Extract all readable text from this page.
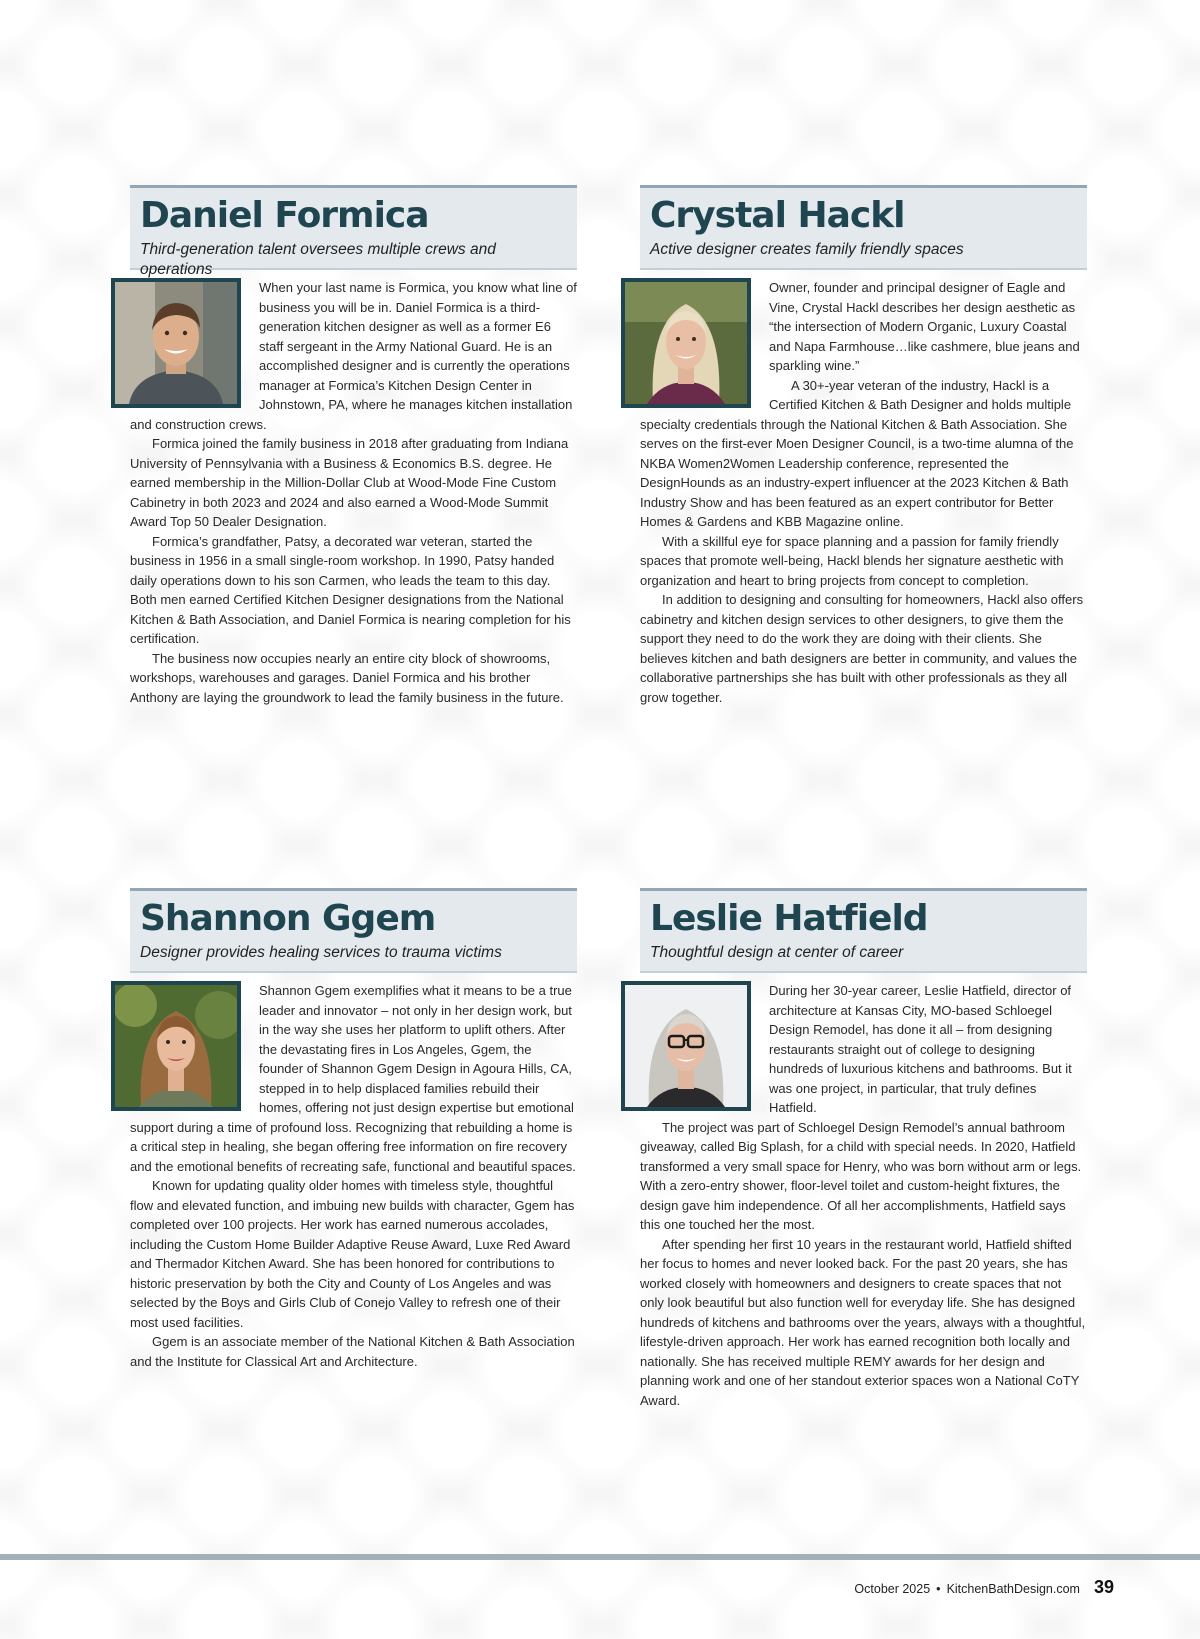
Daniel Formica
Third-generation talent oversees multiple crews and operations

When your last name is Formica, you know what line of business you will be in. Daniel Formica is a third-generation kitchen designer as well as a former E6 staff sergeant in the Army National Guard. He is an accomplished designer and is currently the operations manager at Formica’s Kitchen Design Center in Johnstown, PA, where he manages kitchen installation and construction crews.

Formica joined the family business in 2018 after graduating from Indiana University of Pennsylvania with a Business & Economics B.S. degree. He earned membership in the Million-Dollar Club at Wood-Mode Fine Custom Cabinetry in both 2023 and 2024 and also earned a Wood-Mode Summit Award Top 50 Dealer Designation.

Formica’s grandfather, Patsy, a decorated war veteran, started the business in 1956 in a small single-room workshop. In 1990, Patsy handed daily operations down to his son Carmen, who leads the team to this day. Both men earned Certified Kitchen Designer designations from the National Kitchen & Bath Association, and Daniel Formica is nearing completion for his certification.

The business now occupies nearly an entire city block of showrooms, workshops, warehouses and garages. Daniel Formica and his brother Anthony are laying the groundwork to lead the family business in the future.

Crystal Hackl
Active designer creates family friendly spaces

Owner, founder and principal designer of Eagle and Vine, Crystal Hackl describes her design aesthetic as “the intersection of Modern Organic, Luxury Coastal and Napa Farmhouse…like cashmere, blue jeans and sparkling wine.”

A 30+-year veteran of the industry, Hackl is a Certified Kitchen & Bath Designer and holds multiple specialty credentials through the National Kitchen & Bath Association. She serves on the first-ever Moen Designer Council, is a two-time alumna of the NKBA Women2Women Leadership conference, represented the DesignHounds as an industry-expert influencer at the 2023 Kitchen & Bath Industry Show and has been featured as an expert contributor for Better Homes & Gardens and KBB Magazine online.

With a skillful eye for space planning and a passion for family friendly spaces that promote well-being, Hackl blends her signature aesthetic with organization and heart to bring projects from concept to completion.

In addition to designing and consulting for homeowners, Hackl also offers cabinetry and kitchen design services to other designers, to give them the support they need to do the work they are doing with their clients. She believes kitchen and bath designers are better in community, and values the collaborative partnerships she has built with other professionals as they all grow together.

Shannon Ggem
Designer provides healing services to trauma victims

Shannon Ggem exemplifies what it means to be a true leader and innovator – not only in her design work, but in the way she uses her platform to uplift others. After the devastating fires in Los Angeles, Ggem, the founder of Shannon Ggem Design in Agoura Hills, CA, stepped in to help displaced families rebuild their homes, offering not just design expertise but emotional support during a time of profound loss. Recognizing that rebuilding a home is a critical step in healing, she began offering free information on fire recovery and the emotional benefits of recreating safe, functional and beautiful spaces.

Known for updating quality older homes with timeless style, thoughtful flow and elevated function, and imbuing new builds with character, Ggem has completed over 100 projects. Her work has earned numerous accolades, including the Custom Home Builder Adaptive Reuse Award, Luxe Red Award and Thermador Kitchen Award. She has been honored for contributions to historic preservation by both the City and County of Los Angeles and was selected by the Boys and Girls Club of Conejo Valley to refresh one of their most used facilities.

Ggem is an associate member of the National Kitchen & Bath Association and the Institute for Classical Art and Architecture.

Leslie Hatfield
Thoughtful design at center of career

During her 30-year career, Leslie Hatfield, director of architecture at Kansas City, MO-based Schloegel Design Remodel, has done it all – from designing restaurants straight out of college to designing hundreds of luxurious kitchens and bathrooms. But it was one project, in particular, that truly defines Hatfield.

The project was part of Schloegel Design Remodel’s annual bathroom giveaway, called Big Splash, for a child with special needs. In 2020, Hatfield transformed a very small space for Henry, who was born without arm or legs. With a zero-entry shower, floor-level toilet and custom-height fixtures, the design gave him independence. Of all her accomplishments, Hatfield says this one touched her the most.

After spending her first 10 years in the restaurant world, Hatfield shifted her focus to homes and never looked back. For the past 20 years, she has worked closely with homeowners and designers to create spaces that not only look beautiful but also function well for everyday life. She has designed hundreds of kitchens and bathrooms over the years, always with a thoughtful, lifestyle-driven approach. Her work has earned recognition both locally and nationally. She has received multiple REMY awards for her design and planning work and one of her standout exterior spaces won a National CoTY Award.

October 2025 • KitchenBathDesign.com 39
